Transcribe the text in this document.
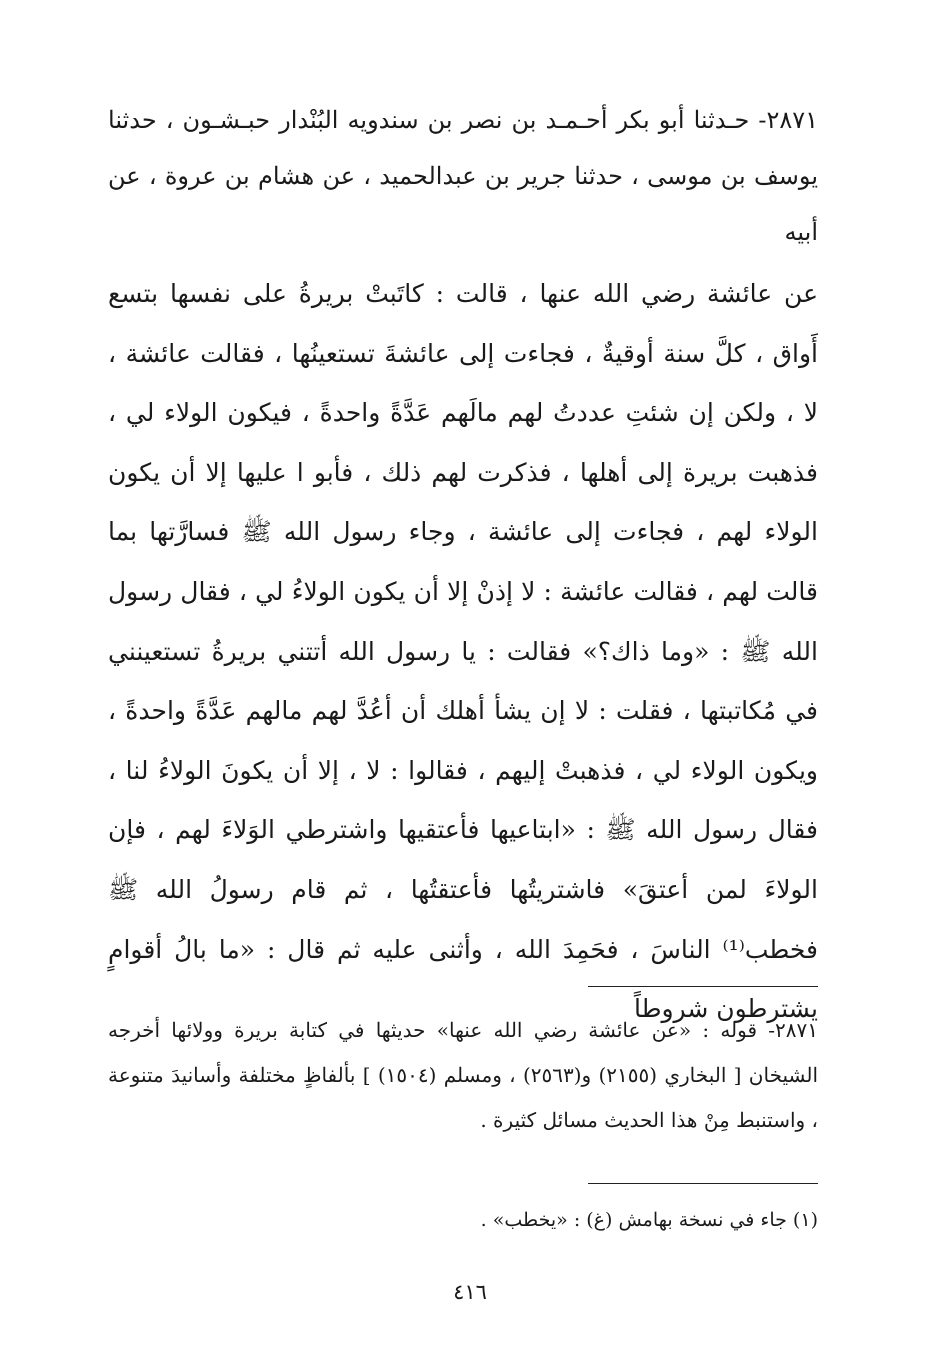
٢٨٧١- حـدثنا أبو بكر أحـمـد بن نصر بن سندويه البُنْدار حبـشـون ، حدثنا يوسف بن موسى ، حدثنا جرير بن عبدالحميد ، عن هشام بن عروة ، عن أبيه

عن عائشة رضي الله عنها ، قالت : كاتَبتْ بريرةُ على نفسها بتسع أَواق ، كلَّ سنة أوقيةٌ ، فجاءت إلى عائشةَ تستعينُها ، فقالت عائشة ، لا ، ولكن إن شئتِ عددتُ لهم مالَهم عَدَّةً واحدةً ، فيكون الولاء لي ، فذهبت بريرة إلى أهلها ، فذكرت لهم ذلك ، فأبو ا عليها إلا أن يكون الولاء لهم ، فجاءت إلى عائشة ، وجاء رسول الله ﷺ فسارَّتها بما قالت لهم ، فقالت عائشة : لا إذنْ إلا أن يكون الولاءُ لي ، فقال رسول الله ﷺ : «وما ذاك؟» فقالت : يا رسول الله أتتني بريرةُ تستعينني في مُكاتبتها ، فقلت : لا إن يشأ أهلك أن أعُدَّ لهم مالهم عَدَّةً واحدةً ، ويكون الولاء لي ، فذهبتْ إليهم ، فقالوا : لا ، إلا أن يكونَ الولاءُ لنا ، فقال رسول الله ﷺ : «ابتاعيها فأعتقيها واشترطي الوَلاءَ لهم ، فإن الولاءَ لمن أعتقَ» فاشتريتُها فأعتقتُها ، ثم قام رسولُ الله ﷺ فخطب⁽¹⁾ الناسَ ، فحَمِدَ الله ، وأثنى عليه ثم قال : «ما بالُ أقوامٍ يشترطون شروطاً

٢٨٧١- قوله : «عن عائشة رضي الله عنها» حديثها في كتابة بريرة وولائها أخرجه الشيخان [ البخاري (٢١٥٥) و(٢٥٦٣) ، ومسلم (١٥٠٤) ] بألفاظٍ مختلفة وأسانيدَ متنوعة ، واستنبط مِنْ هذا الحديث مسائل كثيرة .

(١) جاء في نسخة بهامش (غ) : «يخطب» .

٤١٦
